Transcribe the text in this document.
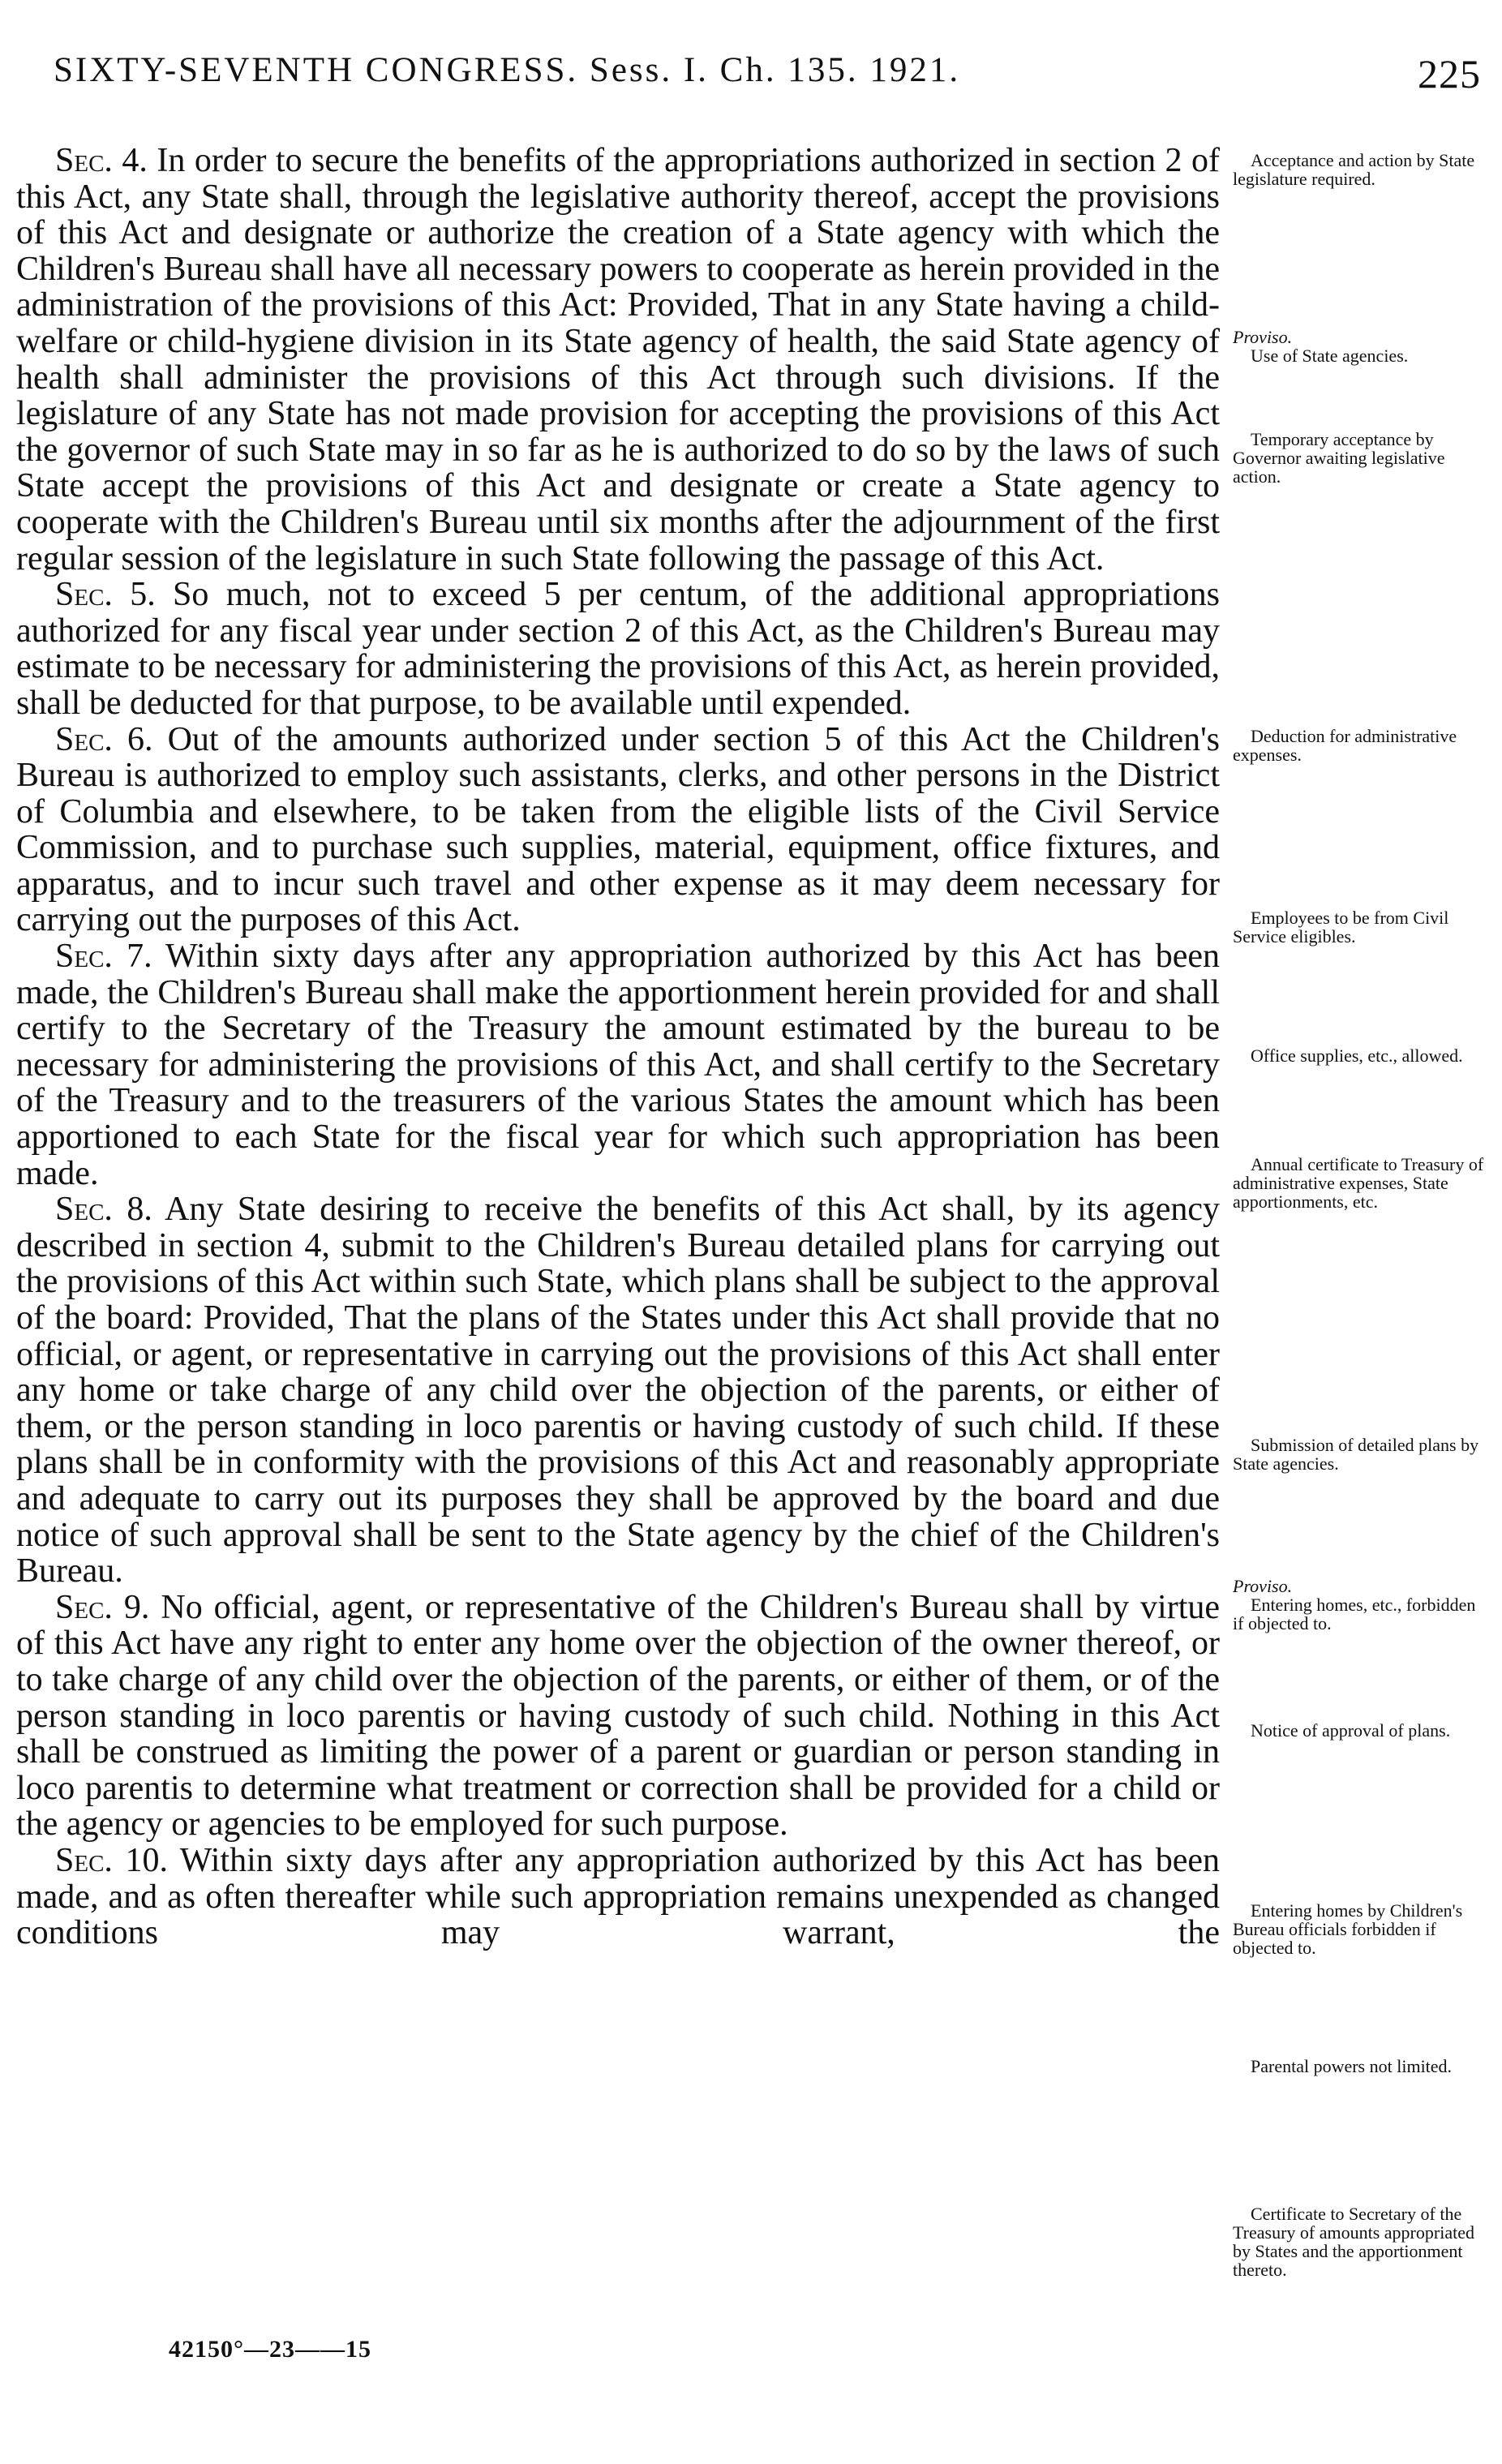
SIXTY-SEVENTH CONGRESS. Sess. I. Ch. 135. 1921.	225

Sec. 4. In order to secure the benefits of the appropriations authorized in section 2 of this Act, any State shall, through the legislative authority thereof, accept the provisions of this Act and designate or authorize the creation of a State agency with which the Children's Bureau shall have all necessary powers to cooperate as herein provided in the administration of the provisions of this Act: Provided, That in any State having a child-welfare or child-hygiene division in its State agency of health, the said State agency of health shall administer the provisions of this Act through such divisions. If the legislature of any State has not made provision for accepting the provisions of this Act the governor of such State may in so far as he is authorized to do so by the laws of such State accept the provisions of this Act and designate or create a State agency to cooperate with the Children's Bureau until six months after the adjournment of the first regular session of the legislature in such State following the passage of this Act.

Sec. 5. So much, not to exceed 5 per centum, of the additional appropriations authorized for any fiscal year under section 2 of this Act, as the Children's Bureau may estimate to be necessary for administering the provisions of this Act, as herein provided, shall be deducted for that purpose, to be available until expended.

Sec. 6. Out of the amounts authorized under section 5 of this Act the Children's Bureau is authorized to employ such assistants, clerks, and other persons in the District of Columbia and elsewhere, to be taken from the eligible lists of the Civil Service Commission, and to purchase such supplies, material, equipment, office fixtures, and apparatus, and to incur such travel and other expense as it may deem necessary for carrying out the purposes of this Act.

Sec. 7. Within sixty days after any appropriation authorized by this Act has been made, the Children's Bureau shall make the apportionment herein provided for and shall certify to the Secretary of the Treasury the amount estimated by the bureau to be necessary for administering the provisions of this Act, and shall certify to the Secretary of the Treasury and to the treasurers of the various States the amount which has been apportioned to each State for the fiscal year for which such appropriation has been made.

Sec. 8. Any State desiring to receive the benefits of this Act shall, by its agency described in section 4, submit to the Children's Bureau detailed plans for carrying out the provisions of this Act within such State, which plans shall be subject to the approval of the board: Provided, That the plans of the States under this Act shall provide that no official, or agent, or representative in carrying out the provisions of this Act shall enter any home or take charge of any child over the objection of the parents, or either of them, or the person standing in loco parentis or having custody of such child. If these plans shall be in conformity with the provisions of this Act and reasonably appropriate and adequate to carry out its purposes they shall be approved by the board and due notice of such approval shall be sent to the State agency by the chief of the Children's Bureau.

Sec. 9. No official, agent, or representative of the Children's Bureau shall by virtue of this Act have any right to enter any home over the objection of the owner thereof, or to take charge of any child over the objection of the parents, or either of them, or of the person standing in loco parentis or having custody of such child. Nothing in this Act shall be construed as limiting the power of a parent or guardian or person standing in loco parentis to determine what treatment or correction shall be provided for a child or the agency or agencies to be employed for such purpose.

Sec. 10. Within sixty days after any appropriation authorized by this Act has been made, and as often thereafter while such appropriation remains unexpended as changed conditions may warrant, the

Acceptance and action by State legislature required.
Proviso.
Use of State agencies.
Temporary acceptance by Governor awaiting legislative action.
Deduction for administrative expenses.
Employees to be from Civil Service eligibles.
Office supplies, etc., allowed.
Annual certificate to Treasury of administrative expenses, State apportionments, etc.
Submission of detailed plans by State agencies.
Proviso.
Entering homes, etc., forbidden if objected to.
Notice of approval of plans.
Entering homes by Children's Bureau officials forbidden if objected to.
Parental powers not limited.
Certificate to Secretary of the Treasury of amounts appropriated by States and the apportionment thereto.
42150°—23——15
